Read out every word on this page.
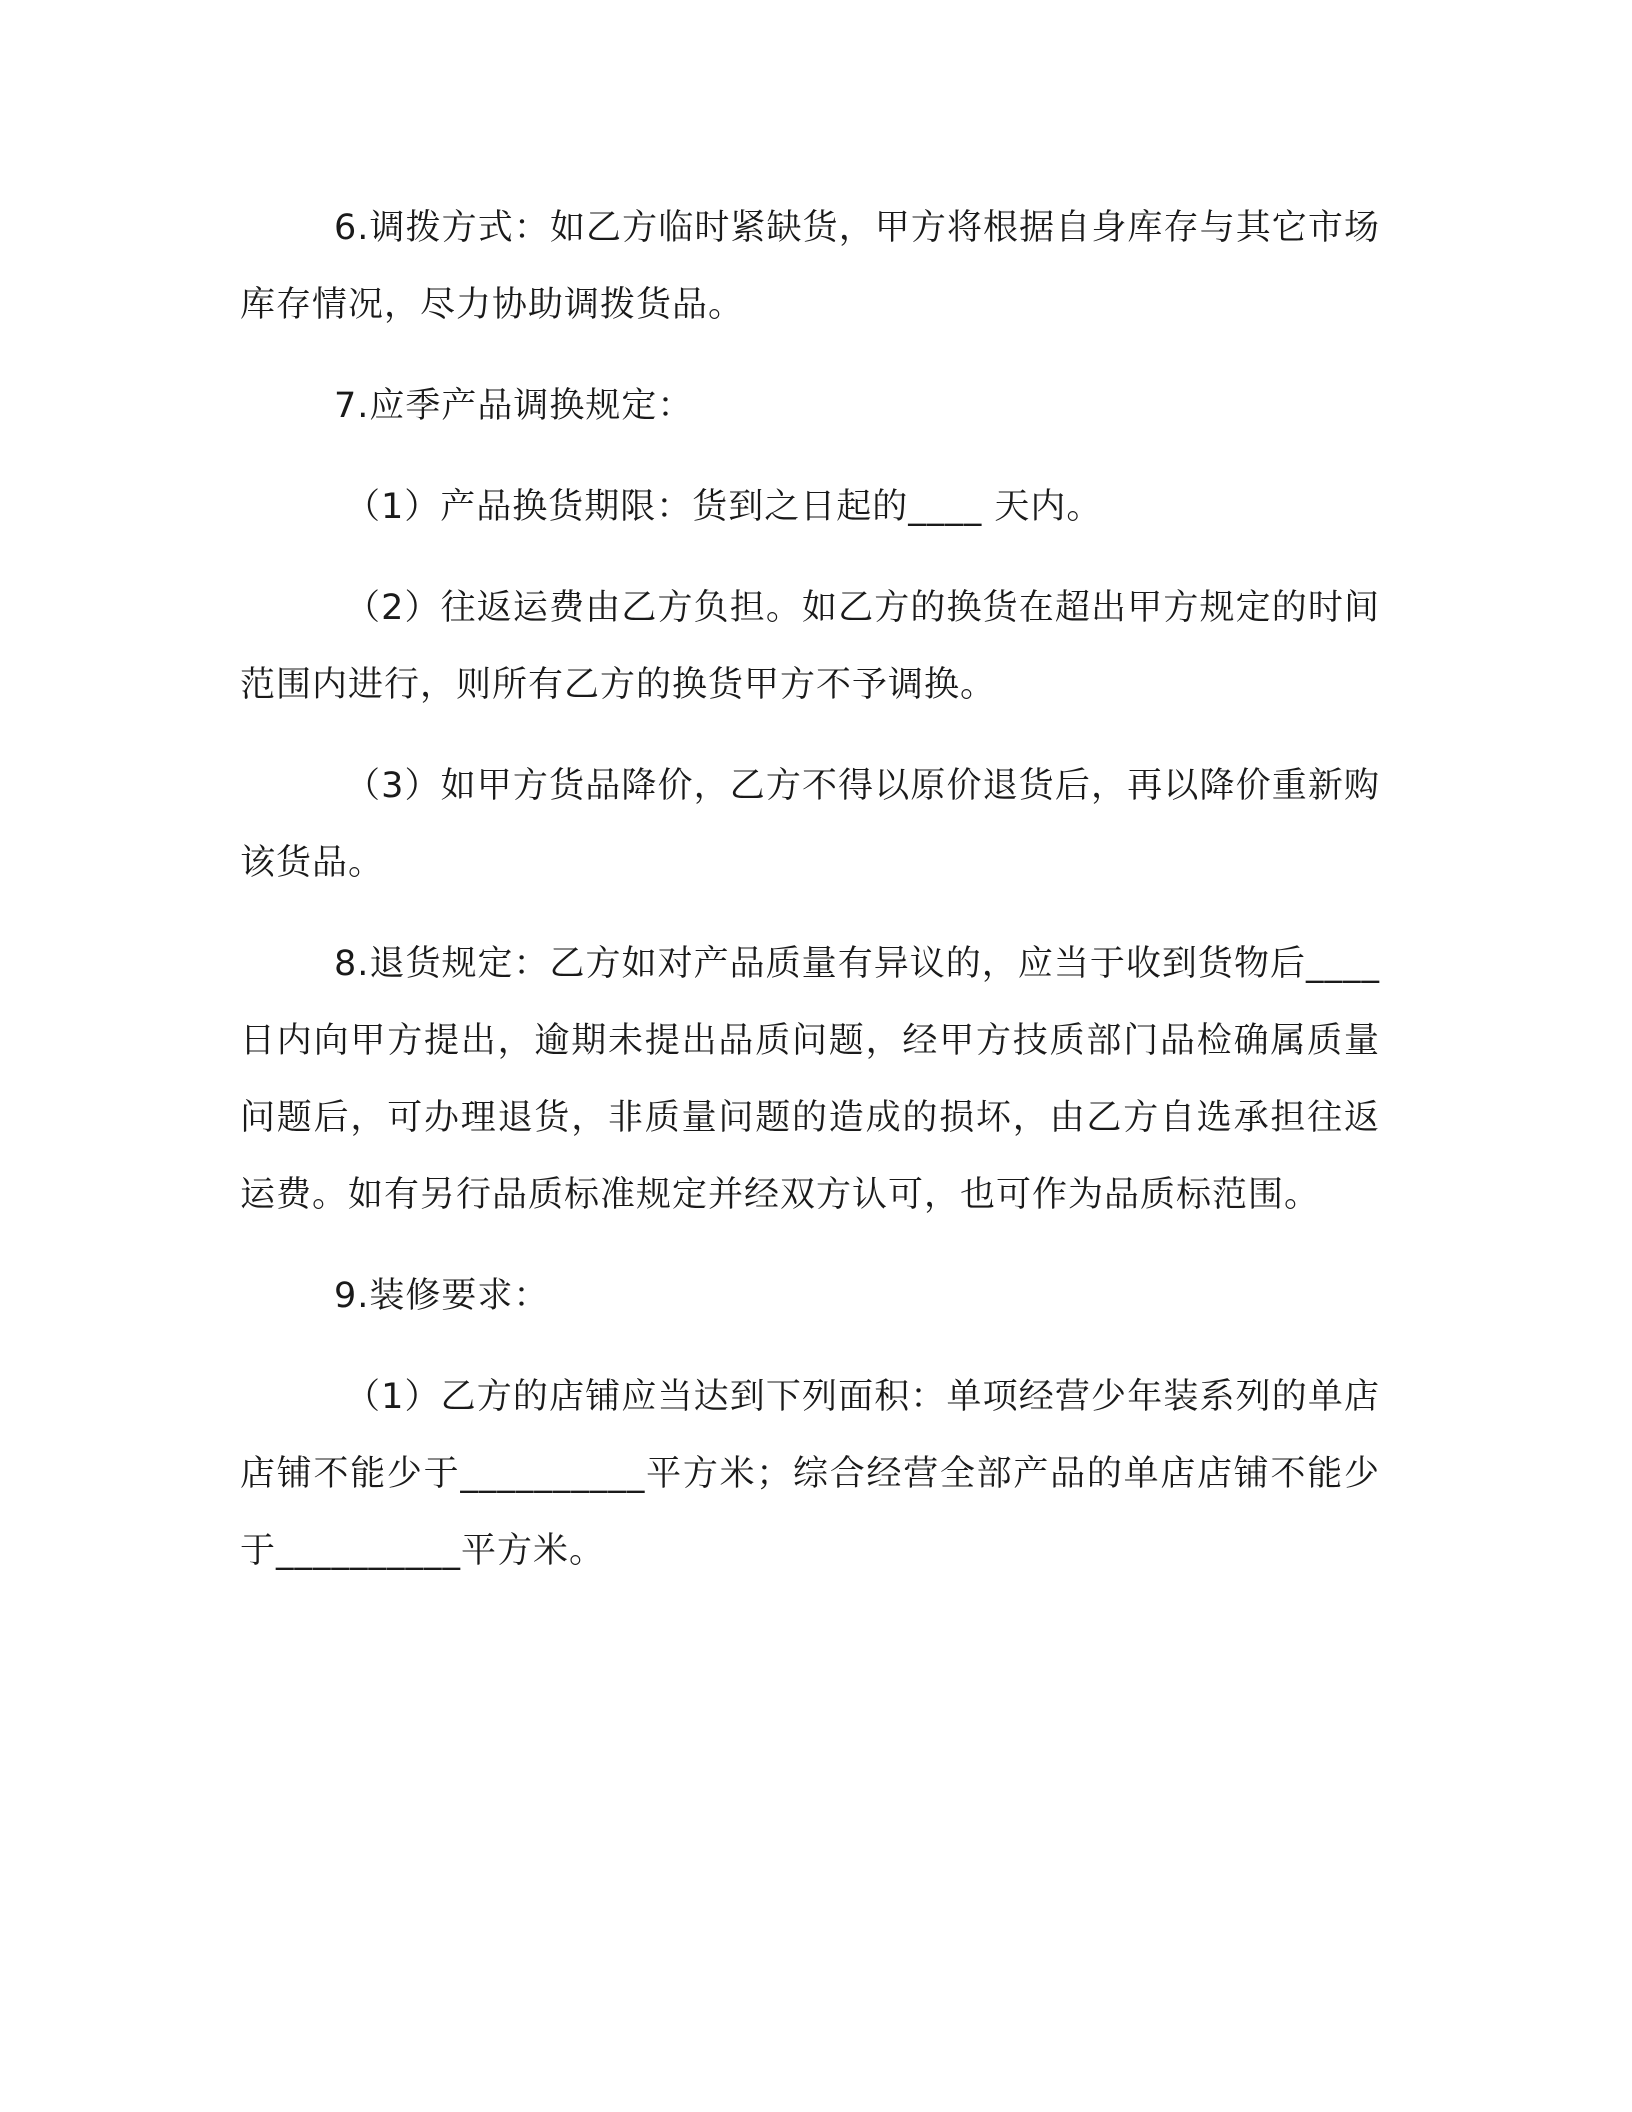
6.调拨方式：如乙方临时紧缺货，甲方将根据自身库存与其它市场库存情况，尽力协助调拨货品。

7.应季产品调换规定：

（1）产品换货期限：货到之日起的____ 天内。

（2）往返运费由乙方负担。如乙方的换货在超出甲方规定的时间范围内进行，则所有乙方的换货甲方不予调换。

（3）如甲方货品降价，乙方不得以原价退货后，再以降价重新购该货品。

8.退货规定：乙方如对产品质量有异议的，应当于收到货物后____日内向甲方提出，逾期未提出品质问题，经甲方技质部门品检确属质量问题后，可办理退货，非质量问题的造成的损坏，由乙方自选承担往返运费。如有另行品质标准规定并经双方认可，也可作为品质标范围。

9.装修要求：

（1）乙方的店铺应当达到下列面积：单项经营少年装系列的单店店铺不能少于__________平方米；综合经营全部产品的单店店铺不能少于__________平方米。
